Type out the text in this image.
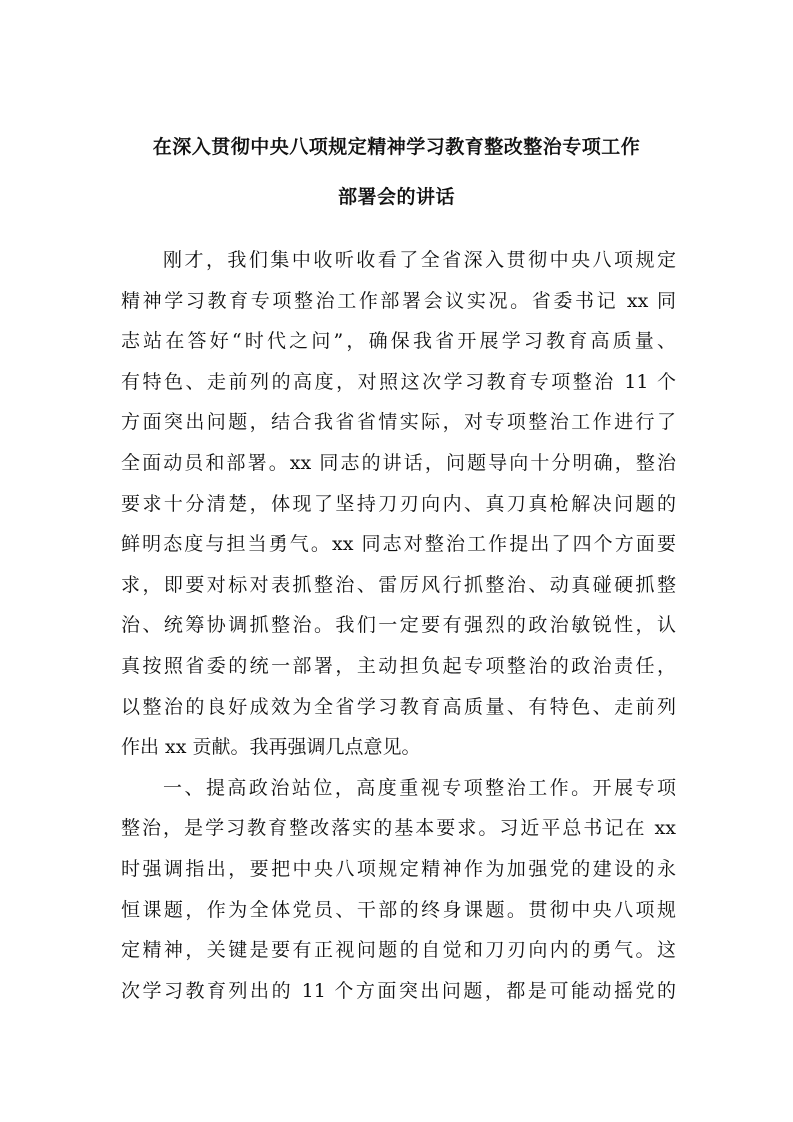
在深入贯彻中央八项规定精神学习教育整改整治专项工作
部署会的讲话
刚才，我们集中收听收看了全省深入贯彻中央八项规定
精神学习教育专项整治工作部署会议实况。省委书记 xx 同
志站在答好“时代之问”，确保我省开展学习教育高质量、
有特色、走前列的高度，对照这次学习教育专项整治 11 个
方面突出问题，结合我省省情实际，对专项整治工作进行了
全面动员和部署。xx 同志的讲话，问题导向十分明确，整治
要求十分清楚，体现了坚持刀刃向内、真刀真枪解决问题的
鲜明态度与担当勇气。xx 同志对整治工作提出了四个方面要
求，即要对标对表抓整治、雷厉风行抓整治、动真碰硬抓整
治、统筹协调抓整治。我们一定要有强烈的政治敏锐性，认
真按照省委的统一部署，主动担负起专项整治的政治责任，
以整治的良好成效为全省学习教育高质量、有特色、走前列
作出 xx 贡献。我再强调几点意见。
一、提高政治站位，高度重视专项整治工作。开展专项
整治，是学习教育整改落实的基本要求。习近平总书记在 xx
时强调指出，要把中央八项规定精神作为加强党的建设的永
恒课题，作为全体党员、干部的终身课题。贯彻中央八项规
定精神，关键是要有正视问题的自觉和刀刃向内的勇气。这
次学习教育列出的 11 个方面突出问题，都是可能动摇党的
